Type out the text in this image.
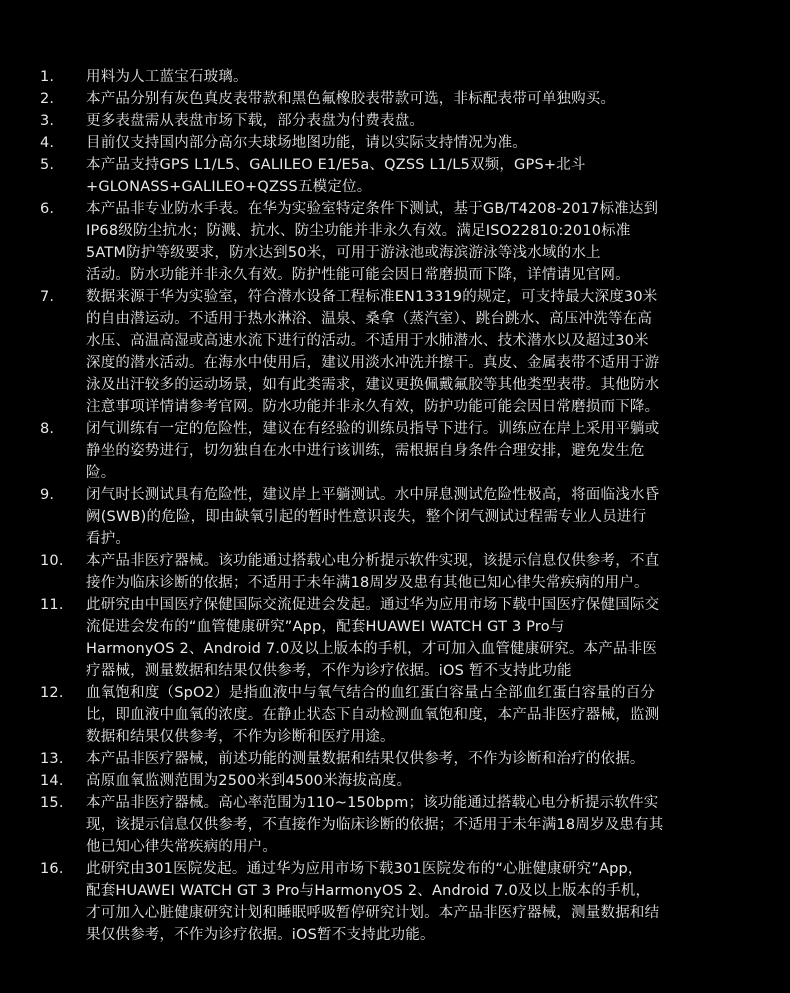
1.	用料为人工蓝宝石玻璃。
2.	本产品分别有灰色真皮表带款和黑色氟橡胶表带款可选，非标配表带可单独购买。
3.	更多表盘需从表盘市场下载，部分表盘为付费表盘。
4.	目前仅支持国内部分高尔夫球场地图功能，请以实际支持情况为准。
5.	本产品支持GPS L1/L5、GALILEO E1/E5a、QZSS L1/L5双频，GPS+北斗
+GLONASS+GALILEO+QZSS五模定位。
6.	本产品非专业防水手表。在华为实验室特定条件下测试，基于GB/T4208-2017标准达到
IP68级防尘抗水；防溅、抗水、防尘功能并非永久有效。满足ISO22810:2010标准
5ATM防护等级要求，防水达到50米，可用于游泳池或海滨游泳等浅水域的水上
活动。防水功能并非永久有效。防护性能可能会因日常磨损而下降，详情请见官网。
7.	数据来源于华为实验室，符合潜水设备工程标准EN13319的规定，可支持最大深度30米
的自由潜运动。不适用于热水淋浴、温泉、桑拿（蒸汽室）、跳台跳水、高压冲洗等在高
水压、高温高湿或高速水流下进行的活动。不适用于水肺潜水、技术潜水以及超过30米
深度的潜水活动。在海水中使用后，建议用淡水冲洗并擦干。真皮、金属表带不适用于游
泳及出汗较多的运动场景，如有此类需求，建议更换佩戴氟胶等其他类型表带。其他防水
注意事项详情请参考官网。防水功能并非永久有效，防护功能可能会因日常磨损而下降。
8.	闭气训练有一定的危险性，建议在有经验的训练员指导下进行。训练应在岸上采用平躺或
静坐的姿势进行，切勿独自在水中进行该训练，需根据自身条件合理安排，避免发生危
险。
9.	闭气时长测试具有危险性，建议岸上平躺测试。水中屏息测试危险性极高，将面临浅水昏
阙(SWB)的危险，即由缺氧引起的暂时性意识丧失，整个闭气测试过程需专业人员进行
看护。
10.	本产品非医疗器械。该功能通过搭载心电分析提示软件实现，该提示信息仅供参考，不直
接作为临床诊断的依据；不适用于未年满18周岁及患有其他已知心律失常疾病的用户。
11.	此研究由中国医疗保健国际交流促进会发起。通过华为应用市场下载中国医疗保健国际交
流促进会发布的“血管健康研究”App，配套HUAWEI WATCH GT 3 Pro与
HarmonyOS 2、Android 7.0及以上版本的手机，才可加入血管健康研究。本产品非医
疗器械，测量数据和结果仅供参考，不作为诊疗依据。iOS 暂不支持此功能
12.	血氧饱和度（SpO2）是指血液中与氧气结合的血红蛋白容量占全部血红蛋白容量的百分
比，即血液中血氧的浓度。在静止状态下自动检测血氧饱和度，本产品非医疗器械，监测
数据和结果仅供参考，不作为诊断和医疗用途。
13.	本产品非医疗器械，前述功能的测量数据和结果仅供参考，不作为诊断和治疗的依据。
14.	高原血氧监测范围为2500米到4500米海拔高度。
15.	本产品非医疗器械。高心率范围为110~150bpm；该功能通过搭载心电分析提示软件实
现，该提示信息仅供参考，不直接作为临床诊断的依据；不适用于未年满18周岁及患有其
他已知心律失常疾病的用户。
16.	此研究由301医院发起。通过华为应用市场下载301医院发布的“心脏健康研究”App，
配套HUAWEI WATCH GT 3 Pro与HarmonyOS 2、Android 7.0及以上版本的手机，
才可加入心脏健康研究计划和睡眠呼吸暂停研究计划。本产品非医疗器械，测量数据和结
果仅供参考，不作为诊疗依据。iOS暂不支持此功能。
